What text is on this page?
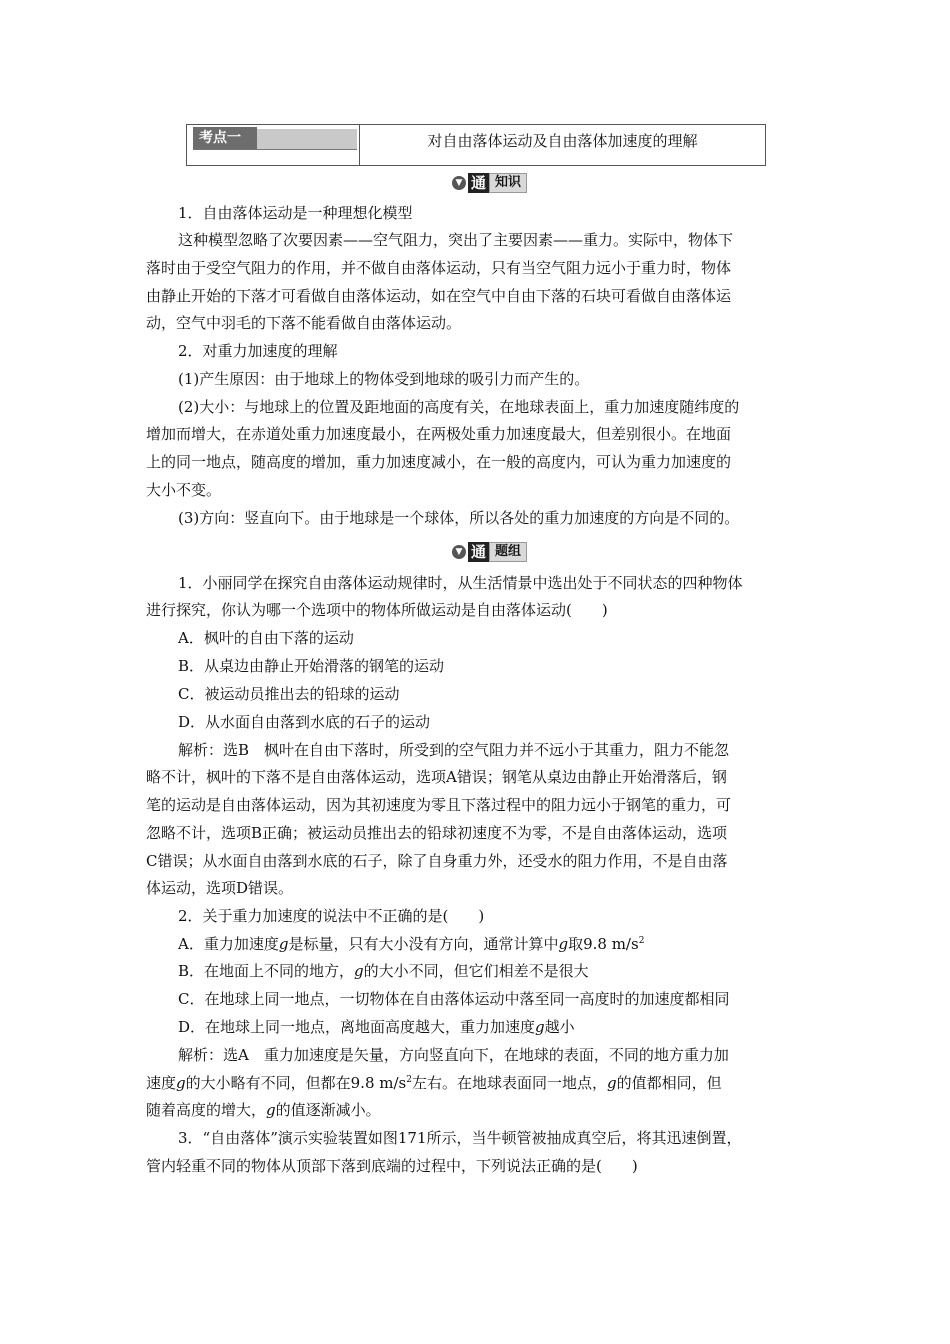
考点一	对自由落体运动及自由落体加速度的理解
▼ 通 知识
1．自由落体运动是一种理想化模型
这种模型忽略了次要因素——空气阻力，突出了主要因素——重力。实际中，物体下
落时由于受空气阻力的作用，并不做自由落体运动，只有当空气阻力远小于重力时，物体
由静止开始的下落才可看做自由落体运动，如在空气中自由下落的石块可看做自由落体运
动，空气中羽毛的下落不能看做自由落体运动。
2．对重力加速度的理解
(1)产生原因：由于地球上的物体受到地球的吸引力而产生的。
(2)大小：与地球上的位置及距地面的高度有关，在地球表面上，重力加速度随纬度的
增加而增大，在赤道处重力加速度最小，在两极处重力加速度最大，但差别很小。在地面
上的同一地点，随高度的增加，重力加速度减小，在一般的高度内，可认为重力加速度的
大小不变。
(3)方向：竖直向下。由于地球是一个球体，所以各处的重力加速度的方向是不同的。
▼ 通 题组
1．小丽同学在探究自由落体运动规律时，从生活情景中选出处于不同状态的四种物体
进行探究，你认为哪一个选项中的物体所做运动是自由落体运动(　　)
A．枫叶的自由下落的运动
B．从桌边由静止开始滑落的钢笔的运动
C．被运动员推出去的铅球的运动
D．从水面自由落到水底的石子的运动
解析：选B　枫叶在自由下落时，所受到的空气阻力并不远小于其重力，阻力不能忽
略不计，枫叶的下落不是自由落体运动，选项A错误；钢笔从桌边由静止开始滑落后，钢
笔的运动是自由落体运动，因为其初速度为零且下落过程中的阻力远小于钢笔的重力，可
忽略不计，选项B正确；被运动员推出去的铅球初速度不为零，不是自由落体运动，选项
C错误；从水面自由落到水底的石子，除了自身重力外，还受水的阻力作用，不是自由落
体运动，选项D错误。
2．关于重力加速度的说法中不正确的是(　　)
A．重力加速度g是标量，只有大小没有方向，通常计算中g取9.8 $m/s^2$
B．在地面上不同的地方，g的大小不同，但它们相差不是很大
C．在地球上同一地点，一切物体在自由落体运动中落至同一高度时的加速度都相同
D．在地球上同一地点，离地面高度越大，重力加速度g越小
解析：选A　重力加速度是矢量，方向竖直向下，在地球的表面，不同的地方重力加
速度g的大小略有不同，但都在9.8 $m/s^2$左右。在地球表面同一地点，g的值都相同，但
随着高度的增大，g的值逐渐减小。
3．“自由落体”演示实验装置如图171所示，当牛顿管被抽成真空后，将其迅速倒置，
管内轻重不同的物体从顶部下落到底端的过程中，下列说法正确的是(　　)
